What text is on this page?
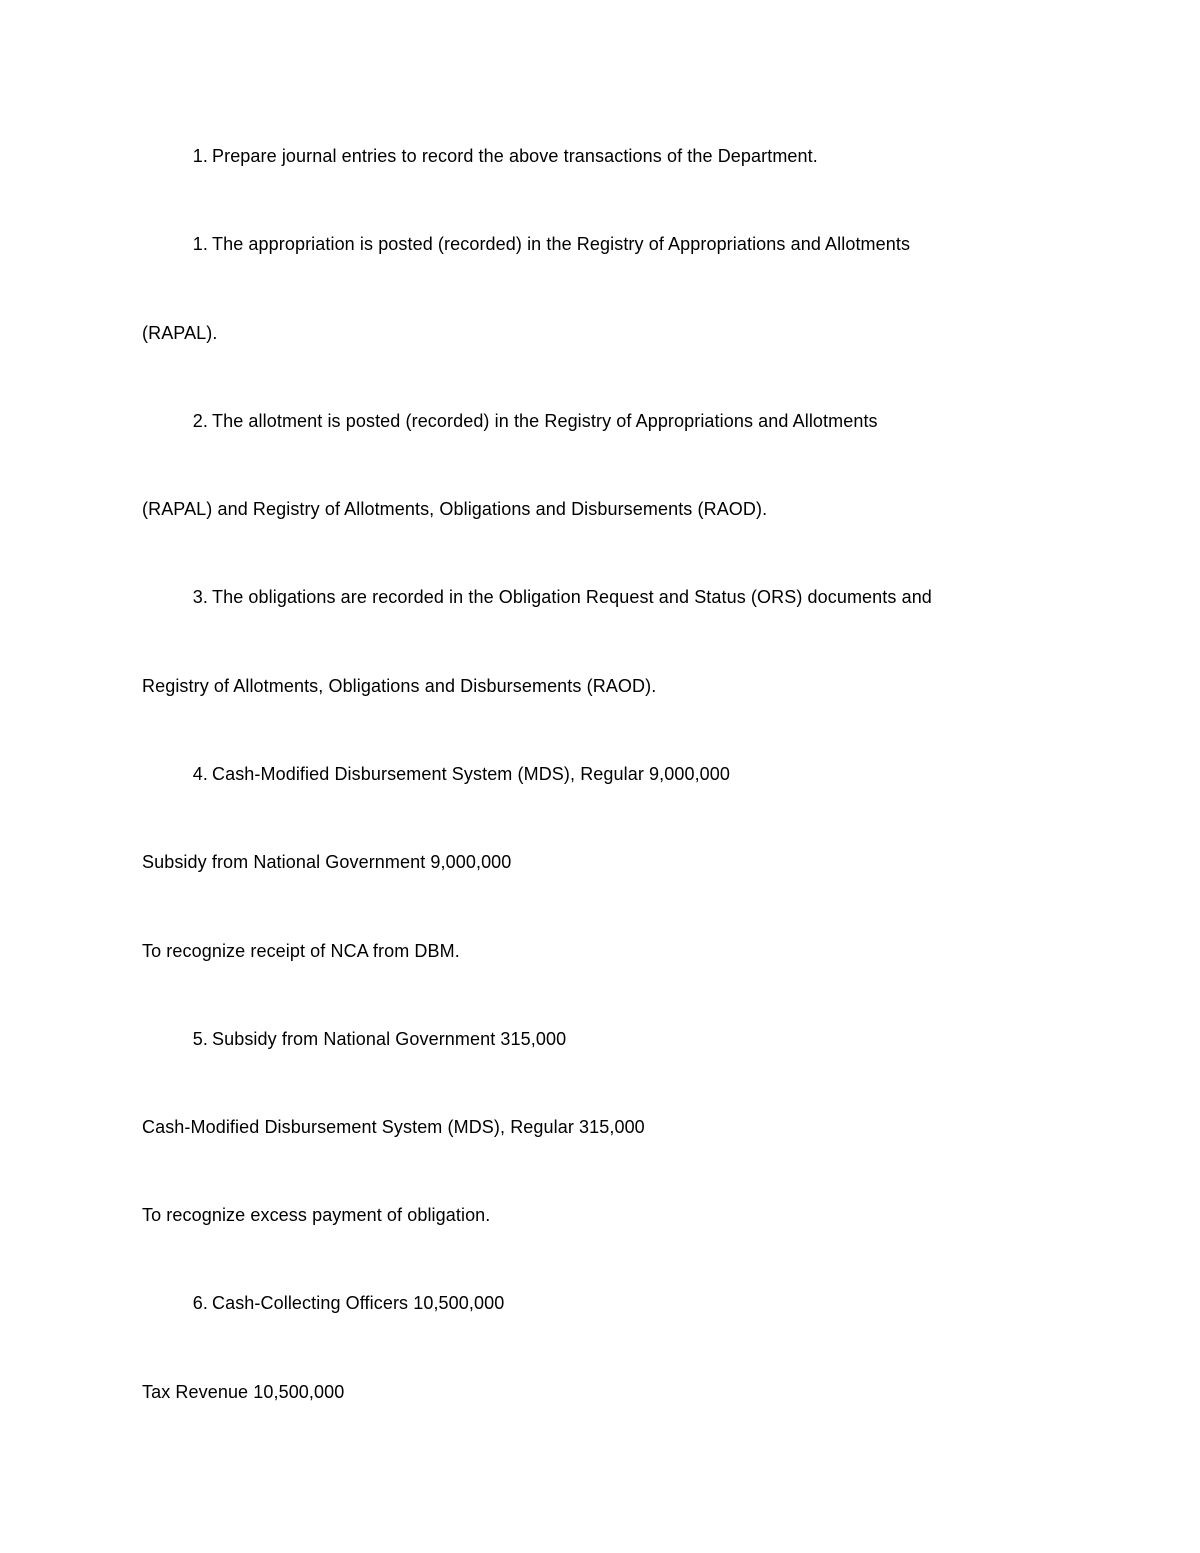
1. Prepare journal entries to record the above transactions of the Department.
1. The appropriation is posted (recorded) in the Registry of Appropriations and Allotments
(RAPAL).
2. The allotment is posted (recorded) in the Registry of Appropriations and Allotments
(RAPAL) and Registry of Allotments, Obligations and Disbursements (RAOD).
3. The obligations are recorded in the Obligation Request and Status (ORS) documents and
Registry of Allotments, Obligations and Disbursements (RAOD).
4. Cash-Modified Disbursement System (MDS), Regular 9,000,000
Subsidy from National Government 9,000,000
To recognize receipt of NCA from DBM.
5. Subsidy from National Government 315,000
Cash-Modified Disbursement System (MDS), Regular 315,000
To recognize excess payment of obligation.
6. Cash-Collecting Officers 10,500,000
Tax Revenue 10,500,000
